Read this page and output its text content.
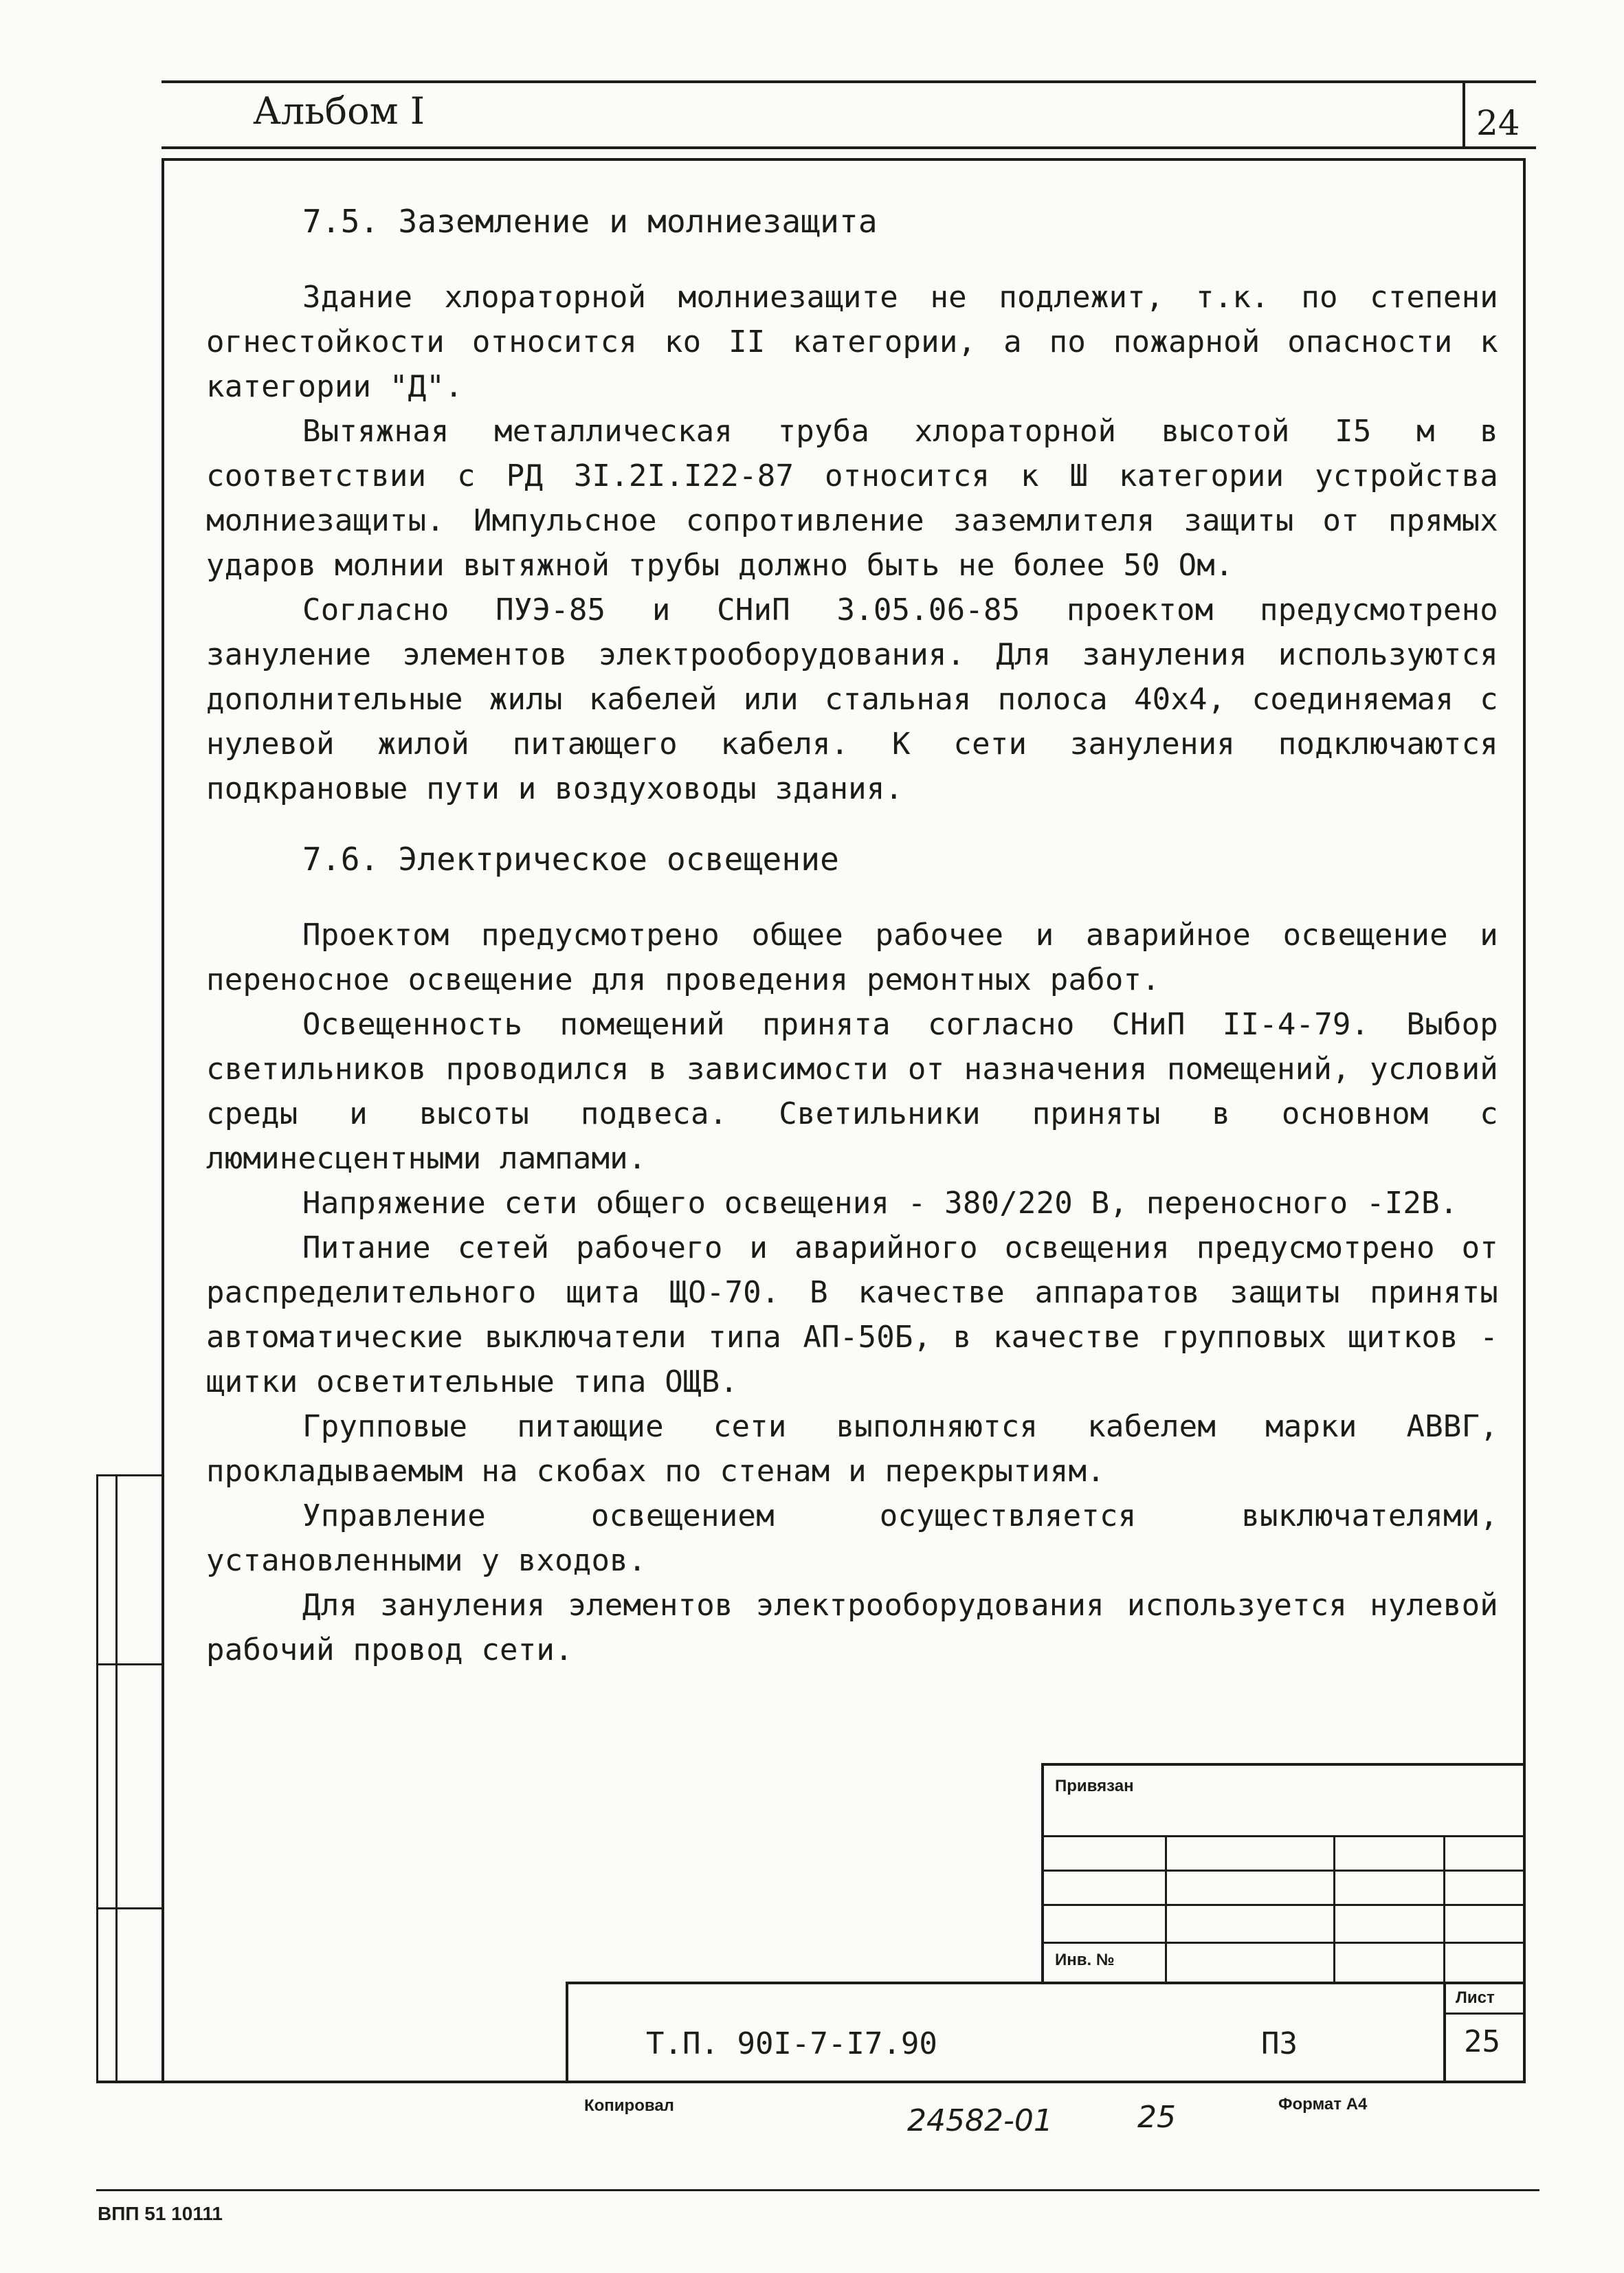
Альбом I	24
7.5. Заземление и молниезащита

Здание хлораторной молниезащите не подлежит, т.к. по степени огнестойкости относится ко II категории, а по пожарной опасности к категории "Д".

Вытяжная металлическая труба хлораторной высотой I5 м в соответствии с РД 3I.2I.I22-87 относится к Ш категории устройства молниезащиты. Импульсное сопротивление заземлителя защиты от прямых ударов молнии вытяжной трубы должно быть не более 50 Ом.

Согласно ПУЭ-85 и СНиП 3.05.06-85 проектом предусмотрено зануление элементов электрооборудования. Для зануления используются дополнительные жилы кабелей или стальная полоса 40х4, соединяемая с нулевой жилой питающего кабеля. К сети зануления подключаются подкрановые пути и воздуховоды здания.

7.6. Электрическое освещение

Проектом предусмотрено общее рабочее и аварийное освещение и переносное освещение для проведения ремонтных работ.

Освещенность помещений принята согласно СНиП II-4-79. Выбор светильников проводился в зависимости от назначения помещений, условий среды и высоты подвеса. Светильники приняты в основном с люминесцентными лампами.

Напряжение сети общего освещения - 380/220 В, переносного -I2В.

Питание сетей рабочего и аварийного освещения предусмотрено от распределительного щита ЩО-70. В качестве аппаратов защиты приняты автоматические выключатели типа АП-50Б, в качестве групповых щитков - щитки осветительные типа ОЩВ.

Групповые питающие сети выполняются кабелем марки АВВГ, прокладываемым на скобах по стенам и перекрытиям.

Управление освещением осуществляется выключателями, установленными у входов.

Для зануления элементов электрооборудования используется нулевой рабочий провод сети.

Привязан
Инв. №
Лист
25
Т.П. 90I-7-I7.90	ПЗ
Копировал	24582-01	25	Формат А4
ВПП 51 10111
